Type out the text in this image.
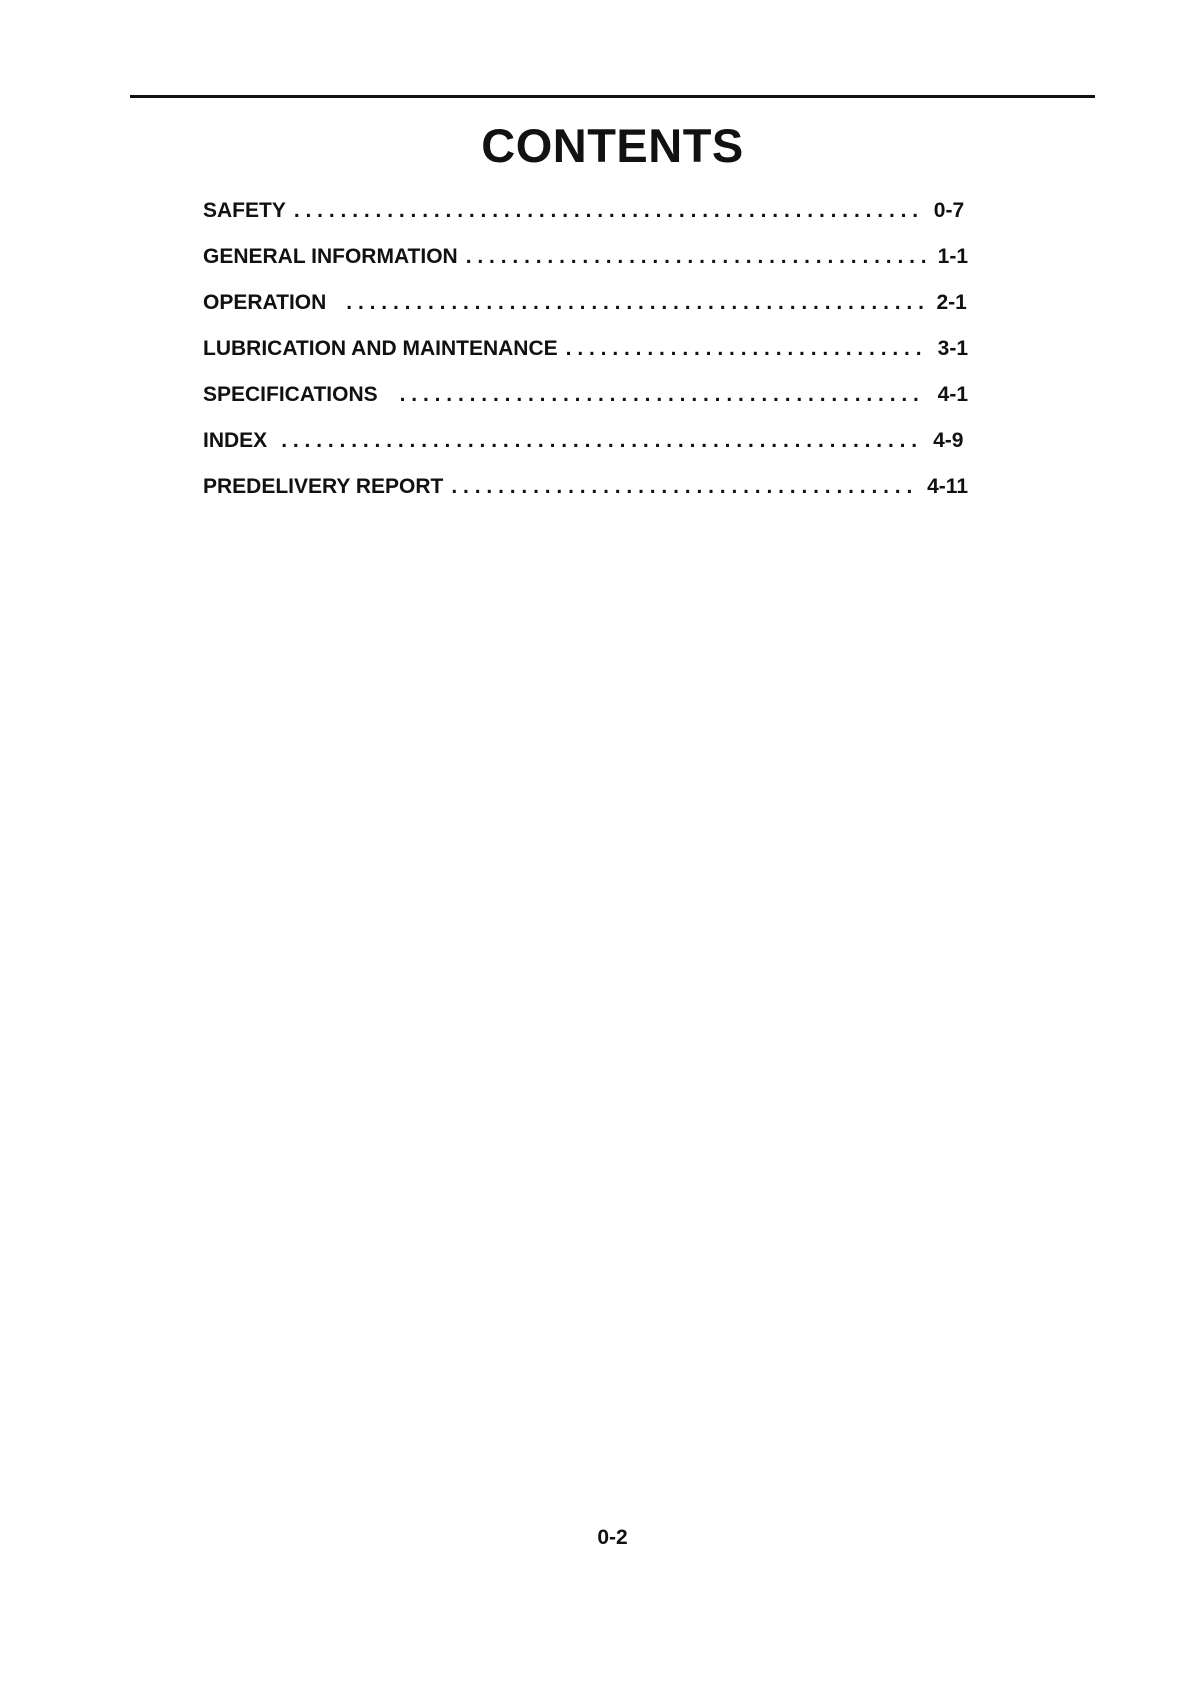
CONTENTS
SAFETY . . .	0-7
GENERAL INFORMATION . . .	1-1
OPERATION . . .	2-1
LUBRICATION AND MAINTENANCE . . .	3-1
SPECIFICATIONS . . .	4-1
INDEX . . .	4-9
PREDELIVERY REPORT . . .	4-11
0-2
